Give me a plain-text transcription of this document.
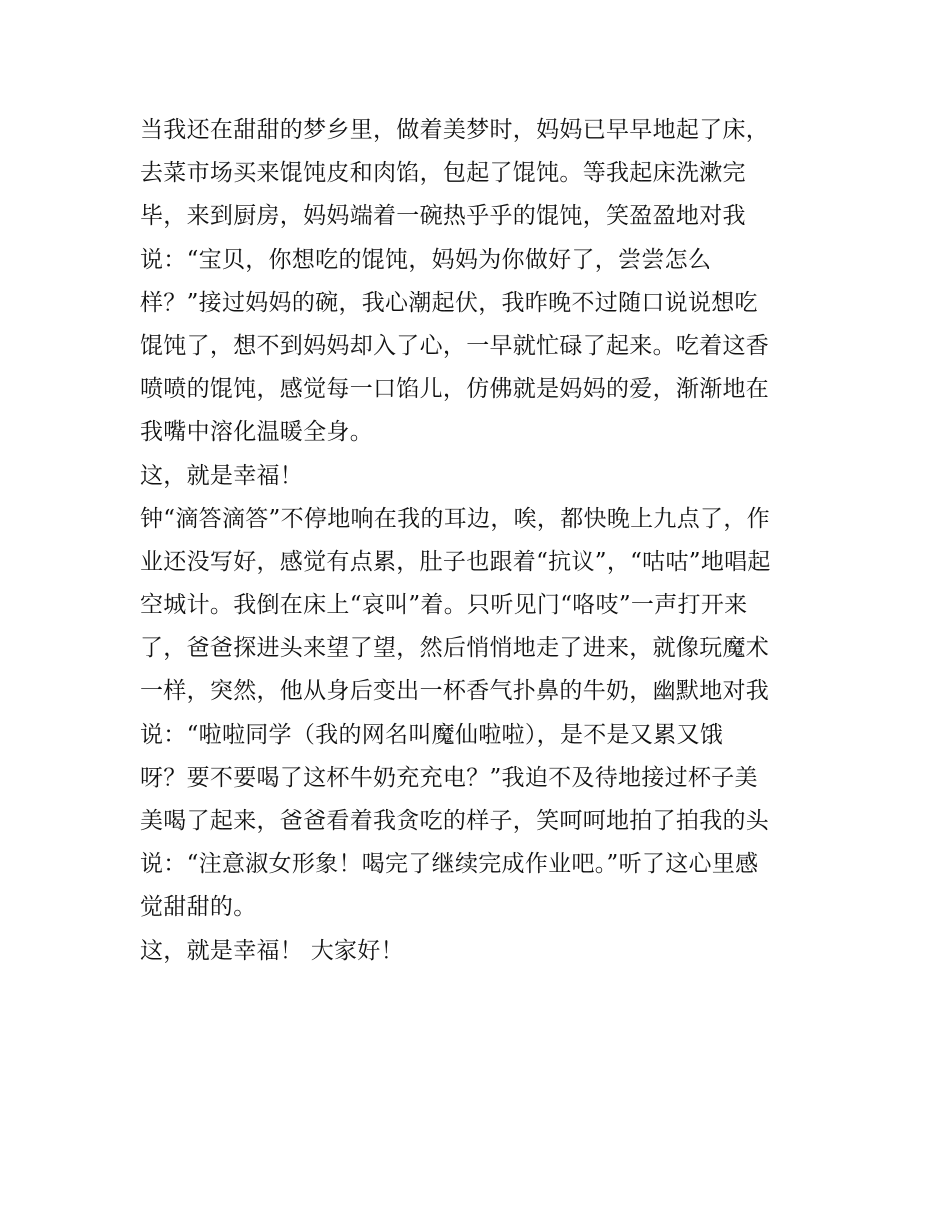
当我还在甜甜的梦乡里，做着美梦时，妈妈已早早地起了床，
去菜市场买来馄饨皮和肉馅，包起了馄饨。等我起床洗漱完
毕，来到厨房，妈妈端着一碗热乎乎的馄饨，笑盈盈地对我
说：“宝贝，你想吃的馄饨，妈妈为你做好了，尝尝怎么
样？”接过妈妈的碗，我心潮起伏，我昨晚不过随口说说想吃
馄饨了，想不到妈妈却入了心，一早就忙碌了起来。吃着这香
喷喷的馄饨，感觉每一口馅儿，仿佛就是妈妈的爱，渐渐地在
我嘴中溶化温暖全身。
这，就是幸福！
钟“滴答滴答”不停地响在我的耳边，唉，都快晚上九点了，作
业还没写好，感觉有点累，肚子也跟着“抗议”，“咕咕”地唱起
空城计。我倒在床上“哀叫”着。只听见门“咯吱”一声打开来
了，爸爸探进头来望了望，然后悄悄地走了进来，就像玩魔术
一样，突然，他从身后变出一杯香气扑鼻的牛奶，幽默地对我
说：“啦啦同学（我的网名叫魔仙啦啦），是不是又累又饿
呀？要不要喝了这杯牛奶充充电？”我迫不及待地接过杯子美
美喝了起来，爸爸看着我贪吃的样子，笑呵呵地拍了拍我的头
说：“注意淑女形象！喝完了继续完成作业吧。”听了这心里感
觉甜甜的。
这，就是幸福！ 大家好！
